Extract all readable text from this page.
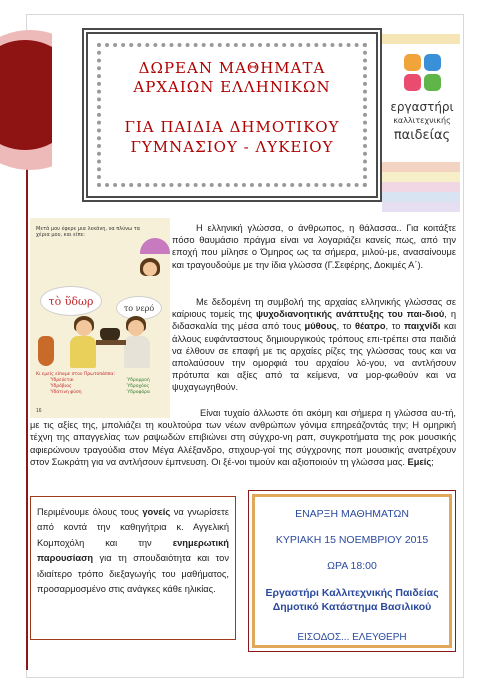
ΔΩΡΕΑΝ ΜΑΘΗΜΑΤΑ
ΑΡΧΑΙΩΝ ΕΛΛΗΝΙΚΩΝ
ΓΙΑ ΠΑΙΔΙΑ ΔΗΜΟΤΙΚΟΥ
ΓΥΜΝΑΣΙΟΥ - ΛΥΚΕΙΟΥ
εργαστήρι
καλλιτεχνικής
παιδείας
Μετά μου έφερε μια λεκάνη, να πλύνω τα χέρια μου, και είπε:
τὸ ὕδωρ
το νερό
Κι εμείς είπαμε στον Πρωτοπάππα:
Ὑδρεύεται
Ὑδρόβιος
Ὑδάτινη φύση
Ὑδρορροή
Ὑδροχόος
Ὑδροφόρα
16
Η ελληνική γλώσσα, ο άνθρωπος, η θάλασσα.. Για κοιτάξτε πόσο θαυμάσιο πράγμα είναι να λογαριάζει κανείς πως, από την εποχή που μίλησε ο Όμηρος ως τα σήμερα, μιλού-με, ανασαίνουμε και τραγουδούμε με την ίδια γλώσσα (Γ.Σεφέρης, Δοκιμές Α΄).
Με δεδομένη τη συμβολή της αρχαίας ελληνικής γλώσσας σε καίριους τομείς της ψυχοδιανοητικής ανάπτυξης του παι-διού, η διδασκαλία της μέσα από τους μύθους, το θέατρο, το παιχνίδι και άλλους ευφάνταστους δημιουργικούς τρόπους επι-τρέπει στα παιδιά να έλθουν σε επαφή με τις αρχαίες ρίζες της γλώσσας τους και να απολαύσουν την ομορφιά του αρχαίου λό-γου, να αντλήσουν πρότυπα και αξίες από τα κείμενα, να μορ-φωθούν και να ψυχαγωγηθούν.
Είναι τυχαίο άλλωστε ότι ακόμη και σήμερα η γλώσσα αυ-τή, με τις αξίες της, μπολιάζει τη κουλτούρα των νέων ανθρώπων γόνιμα επηρεάζοντάς την; Η ομηρική τέχνη της απαγγελίας των ραψωδών επιβιώνει στη σύγχρο-νη ραπ, συγκροτήματα της ροκ μουσικής αφιερώνουν τραγούδια στον Μέγα Αλέξανδρο, στιχουρ-γοί της σύγχρονης ποπ μουσικής ανατρέχουν στον Σωκράτη για να αντλήσουν έμπνευση. Οι ξέ-νοι τιμούν και αξιοποιούν τη γλώσσα μας. Εμείς;
Περιμένουμε όλους τους γονείς να γνωρίσετε από κοντά την καθηγήτρια κ. Αγγελική Κομποχόλη και την ενημερωτική παρουσίαση για τη σπουδαιότητα και τον ιδιαίτερο τρόπο διεξαγωγής του μαθήματος, προσαρμοσμένο στις ανάγκες κάθε ηλικίας.
ΕΝΑΡΞΗ ΜΑΘΗΜΑΤΩΝ
ΚΥΡΙΑΚΗ 15 ΝΟΕΜΒΡΙΟΥ 2015
ΩΡΑ 18:00
Εργαστήρι Καλλιτεχνικής Παιδείας
Δημοτικό Κατάστημα Βασιλικού
ΕΙΣΟΔΟΣ... ΕΛΕΥΘΕΡΗ
